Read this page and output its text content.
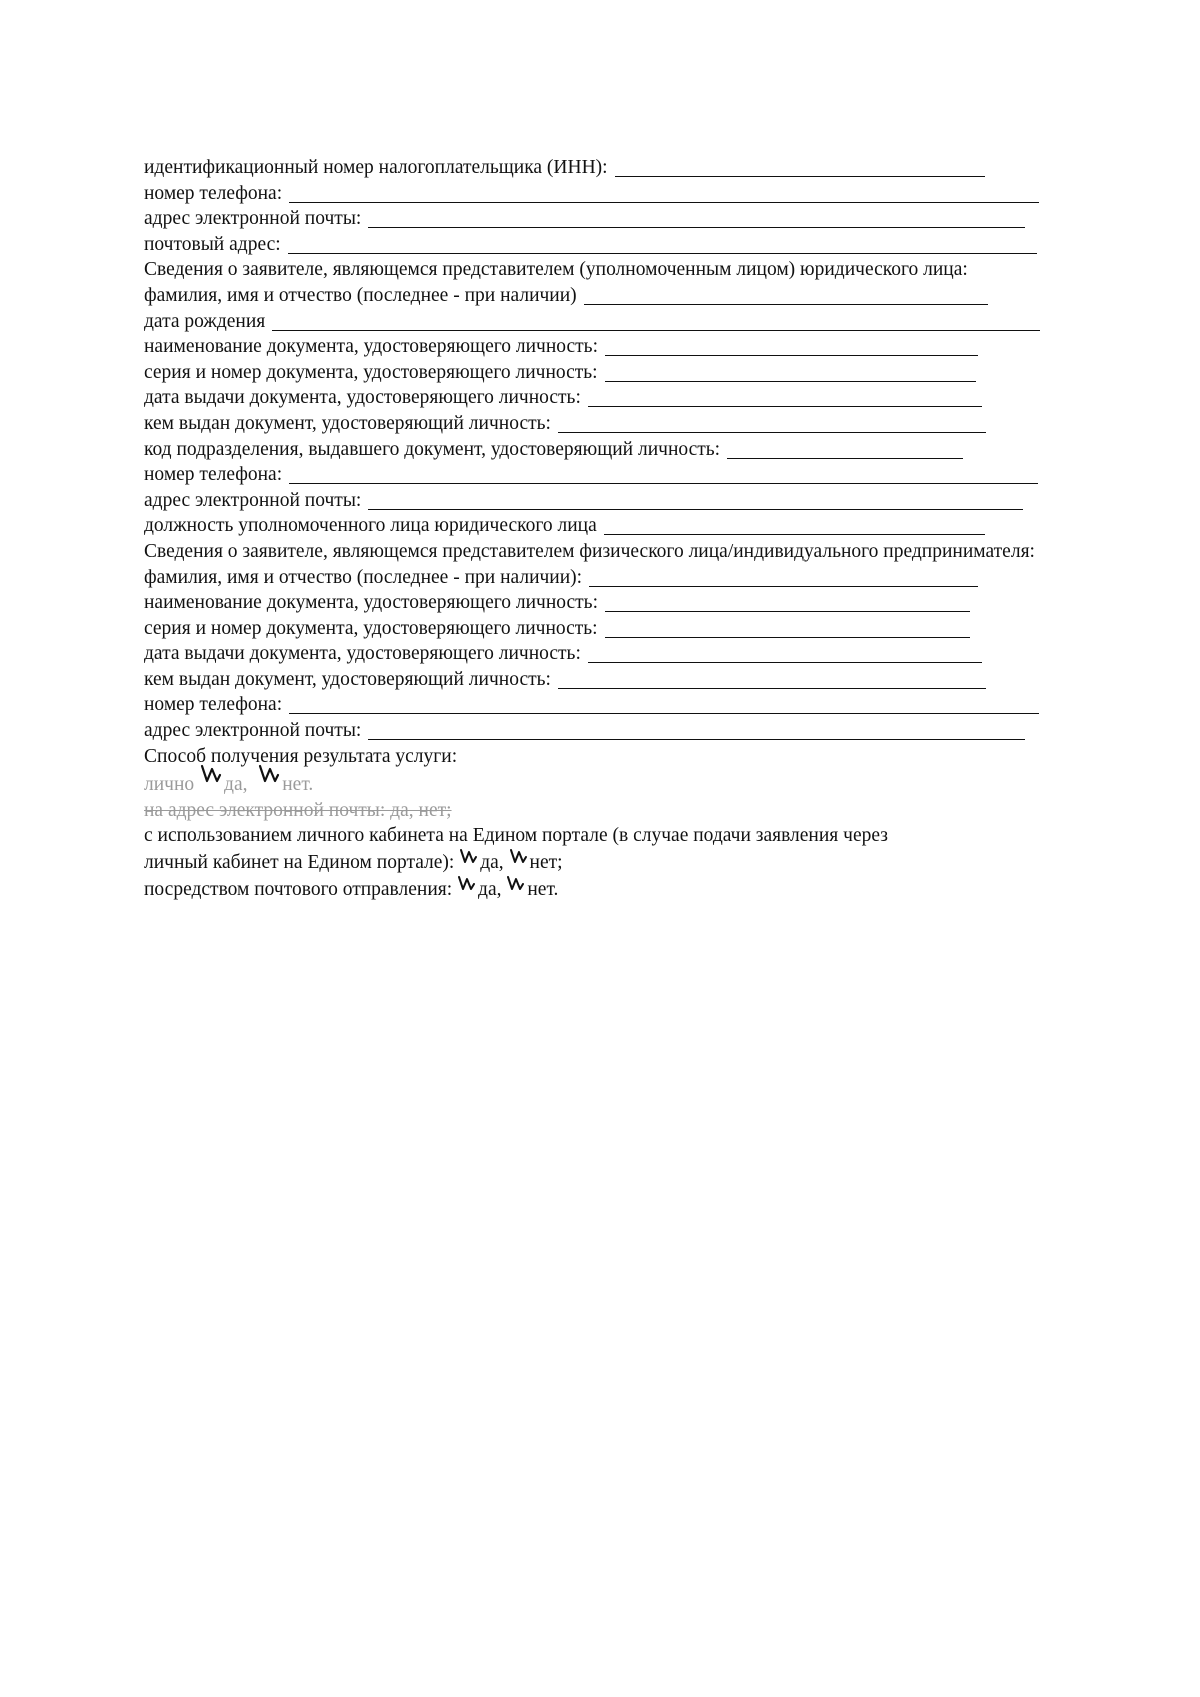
идентификационный номер налогоплательщика (ИНН):
номер телефона:
адрес электронной почты:
почтовый адрес:
Сведения о заявителе, являющемся представителем (уполномоченным лицом) юридического лица:
фамилия, имя и отчество (последнее - при наличии)
дата рождения
наименование документа, удостоверяющего личность:
серия и номер документа, удостоверяющего личность:
дата выдачи документа, удостоверяющего личность:
кем выдан документ, удостоверяющий личность:
код подразделения, выдавшего документ, удостоверяющий личность:
номер телефона:
адрес электронной почты:
должность уполномоченного лица юридического лица
Сведения о заявителе, являющемся представителем физического лица/индивидуального предпринимателя:
фамилия, имя и отчество (последнее - при наличии):
наименование документа, удостоверяющего личность:
серия и номер документа, удостоверяющего личность:
дата выдачи документа, удостоверяющего личность:
кем выдан документ, удостоверяющий личность:
номер телефона:
адрес электронной почты:
Способ получения результата услуги:
лично да, нет.
на адрес электронной почты: да, нет;
с использованием личного кабинета на Едином портале (в случае подачи заявления через
личный кабинет на Едином портале): да, нет;
посредством почтового отправления: да, нет.
